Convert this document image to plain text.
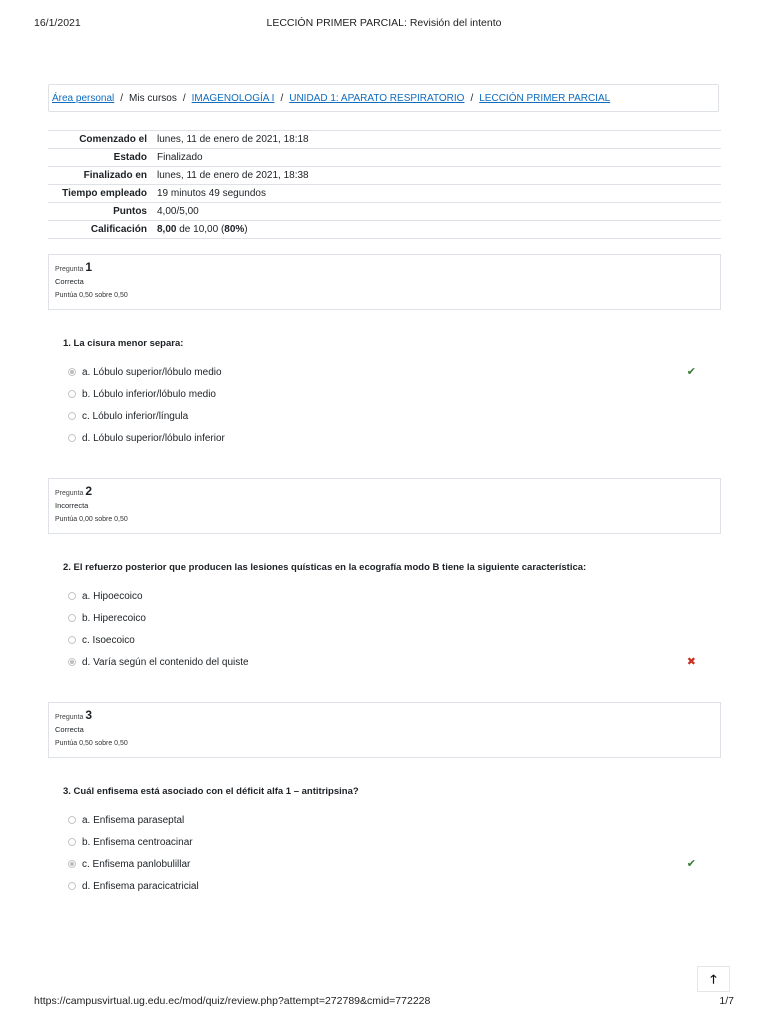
16/1/2021	LECCIÓN PRIMER PARCIAL: Revisión del intento
Área personal / Mis cursos / IMAGENOLOGÍA I / UNIDAD 1: APARATO RESPIRATORIO / LECCIÓN PRIMER PARCIAL
Comenzado el	lunes, 11 de enero de 2021, 18:18
Estado	Finalizado
Finalizado en	lunes, 11 de enero de 2021, 18:38
Tiempo empleado	19 minutos 49 segundos
Puntos	4,00/5,00
Calificación	8,00 de 10,00 (80%)
Pregunta 1
Correcta
Puntúa 0,50 sobre 0,50
1. La cisura menor separa:
a. Lóbulo superior/lóbulo medio	✔
b. Lóbulo inferior/lóbulo medio
c. Lóbulo inferior/língula
d. Lóbulo superior/lóbulo inferior
Pregunta 2
Incorrecta
Puntúa 0,00 sobre 0,50
2. El refuerzo posterior que producen las lesiones quísticas en la ecografía modo B tiene la siguiente característica:
a. Hipoecoico
b. Hiperecoico
c. Isoecoico
d. Varía según el contenido del quiste	✖
Pregunta 3
Correcta
Puntúa 0,50 sobre 0,50
3. Cuál enfisema está asociado con el déficit alfa 1 – antitripsina?
a. Enfisema paraseptal
b. Enfisema centroacinar
c. Enfisema panlobulillar	✔
d. Enfisema paracicatricial
🡑
https://campusvirtual.ug.edu.ec/mod/quiz/review.php?attempt=272789&cmid=772228	1/7
